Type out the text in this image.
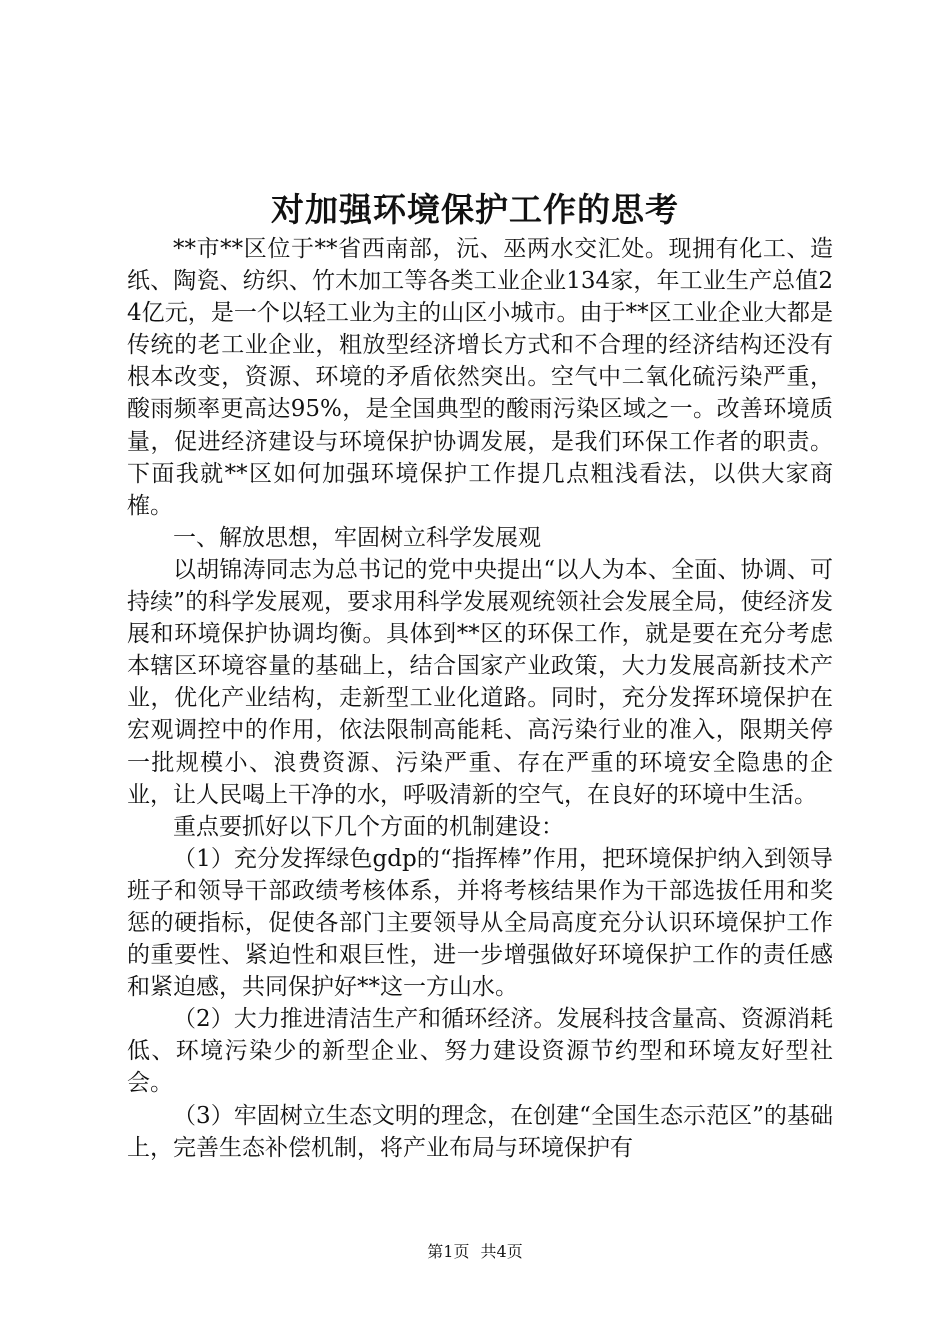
对加强环境保护工作的思考

**市**区位于**省西南部，沅、巫两水交汇处。现拥有化工、造纸、陶瓷、纺织、竹木加工等各类工业企业134家，年工业生产总值24亿元，是一个以轻工业为主的山区小城市。由于**区工业企业大都是传统的老工业企业，粗放型经济增长方式和不合理的经济结构还没有根本改变，资源、环境的矛盾依然突出。空气中二氧化硫污染严重，酸雨频率更高达95%，是全国典型的酸雨污染区域之一。改善环境质量，促进经济建设与环境保护协调发展，是我们环保工作者的职责。下面我就**区如何加强环境保护工作提几点粗浅看法，以供大家商榷。

一、解放思想，牢固树立科学发展观

以胡锦涛同志为总书记的党中央提出“以人为本、全面、协调、可持续”的科学发展观，要求用科学发展观统领社会发展全局，使经济发展和环境保护协调均衡。具体到**区的环保工作，就是要在充分考虑本辖区环境容量的基础上，结合国家产业政策，大力发展高新技术产业，优化产业结构，走新型工业化道路。同时，充分发挥环境保护在宏观调控中的作用，依法限制高能耗、高污染行业的准入，限期关停一批规模小、浪费资源、污染严重、存在严重的环境安全隐患的企业，让人民喝上干净的水，呼吸清新的空气，在良好的环境中生活。

重点要抓好以下几个方面的机制建设：

（1）充分发挥绿色gdp的“指挥棒”作用，把环境保护纳入到领导班子和领导干部政绩考核体系，并将考核结果作为干部选拔任用和奖惩的硬指标，促使各部门主要领导从全局高度充分认识环境保护工作的重要性、紧迫性和艰巨性，进一步增强做好环境保护工作的责任感和紧迫感，共同保护好**这一方山水。

（2）大力推进清洁生产和循环经济。发展科技含量高、资源消耗低、环境污染少的新型企业、努力建设资源节约型和环境友好型社会。

（3）牢固树立生态文明的理念，在创建“全国生态示范区”的基础上，完善生态补偿机制，将产业布局与环境保护有

第1页 共4页
